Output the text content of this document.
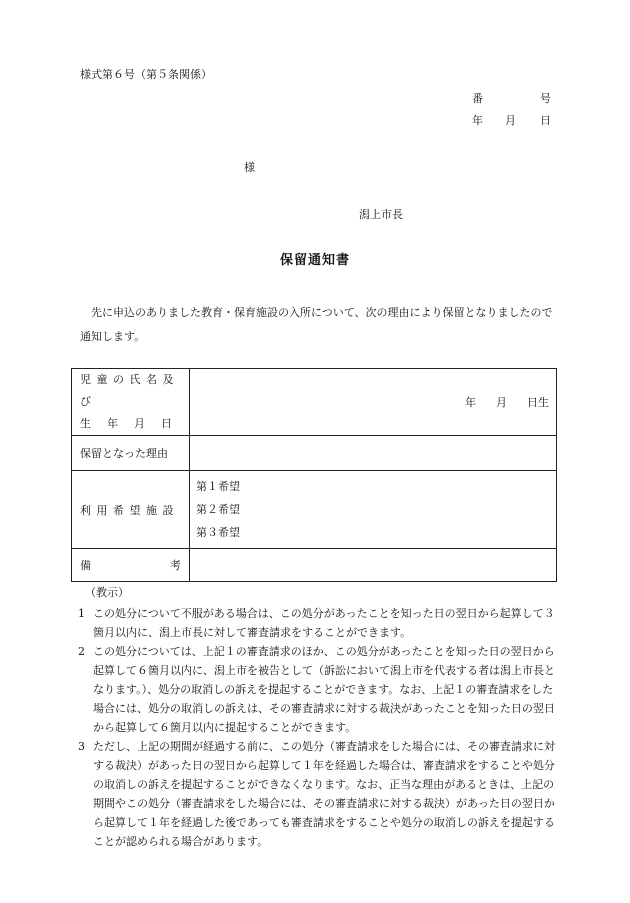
様式第６号（第５条関係）
番	号
年 月 日
様
潟上市長
保留通知書
先に申込のありました教育・保育施設の入所について、次の理由により保留となりましたので通知します。
児童の氏名及び
生年月日	年 月 日生
保留となった理由	
利用希望施設	第１希望
第２希望
第３希望

備 考	

（教示）
1 この処分について不服がある場合は、この処分があったことを知った日の翌日から起算して３箇月以内に、潟上市長に対して審査請求をすることができます。
2 この処分については、上記１の審査請求のほか、この処分があったことを知った日の翌日から起算して６箇月以内に、潟上市を被告として（訴訟において潟上市を代表する者は潟上市長となります。）、処分の取消しの訴えを提起することができます。なお、上記１の審査請求をした場合には、処分の取消しの訴えは、その審査請求に対する裁決があったことを知った日の翌日から起算して６箇月以内に提起することができます。
3 ただし、上記の期間が経過する前に、この処分（審査請求をした場合には、その審査請求に対する裁決）があった日の翌日から起算して１年を経過した場合は、審査請求をすることや処分の取消しの訴えを提起することができなくなります。なお、正当な理由があるときは、上記の期間やこの処分（審査請求をした場合には、その審査請求に対する裁決）があった日の翌日から起算して１年を経過した後であっても審査請求をすることや処分の取消しの訴えを提起することが認められる場合があります。
